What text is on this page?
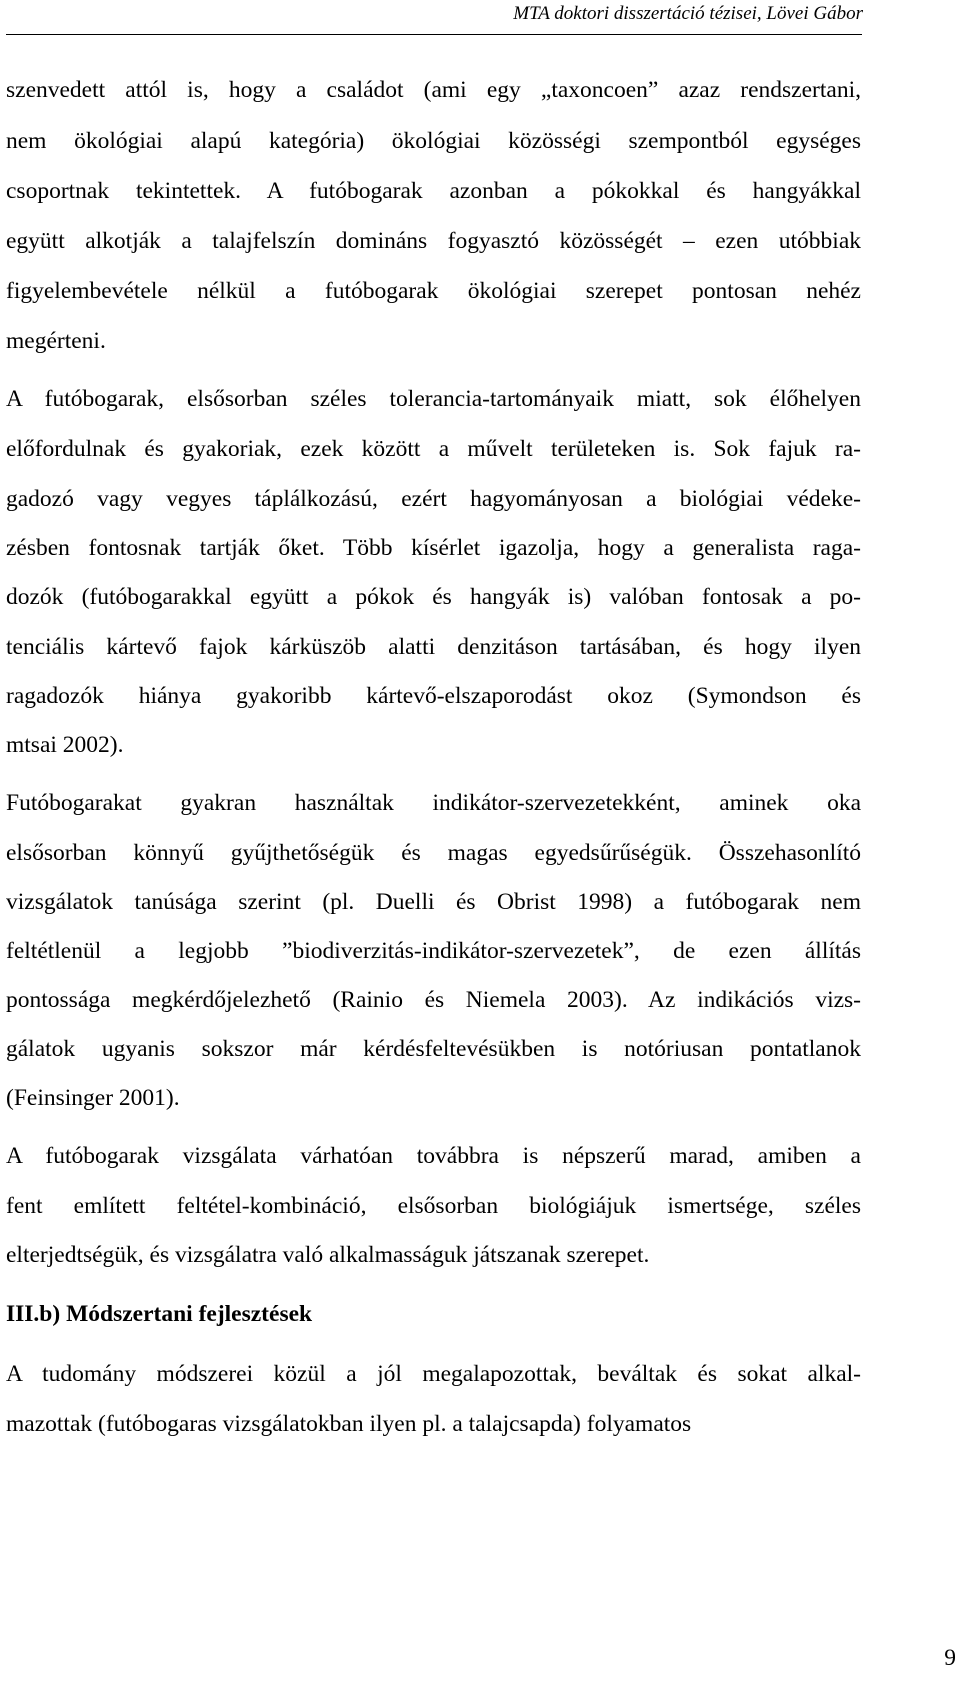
MTA doktori disszertáció tézisei, Lövei Gábor
szenvedett attól is, hogy a családot (ami egy „taxoncoen” azaz rendszertani,
nem ökológiai alapú kategória) ökológiai közösségi szempontból egységes
csoportnak tekintettek. A futóbogarak azonban a pókokkal és hangyákkal
együtt alkotják a talajfelszín domináns fogyasztó közösségét – ezen utóbbiak
figyelembevétele nélkül a futóbogarak ökológiai szerepet pontosan nehéz
megérteni.
A futóbogarak, elsősorban széles tolerancia-tartományaik miatt, sok élőhelyen
előfordulnak és gyakoriak, ezek között a művelt területeken is. Sok fajuk ra-
gadozó vagy vegyes táplálkozású, ezért hagyományosan a biológiai védeke-
zésben fontosnak tartják őket. Több kísérlet igazolja, hogy a generalista raga-
dozók (futóbogarakkal együtt a pókok és hangyák is) valóban fontosak a po-
tenciális kártevő fajok kárküszöb alatti denzitáson tartásában, és hogy ilyen
ragadozók hiánya gyakoribb kártevő-elszaporodást okoz (Symondson és
mtsai 2002).
Futóbogarakat gyakran használtak indikátor-szervezetekként, aminek oka
elsősorban könnyű gyűjthetőségük és magas egyedsűrűségük. Összehasonlító
vizsgálatok tanúsága szerint (pl. Duelli és Obrist 1998) a futóbogarak nem
feltétlenül a legjobb ”biodiverzitás-indikátor-szervezetek”, de ezen állítás
pontossága megkérdőjelezhető (Rainio és Niemela 2003). Az indikációs vizs-
gálatok ugyanis sokszor már kérdésfeltevésükben is notóriusan pontatlanok
(Feinsinger 2001).
A futóbogarak vizsgálata várhatóan továbbra is népszerű marad, amiben a
fent említett feltétel-kombináció, elsősorban biológiájuk ismertsége, széles
elterjedtségük, és vizsgálatra való alkalmasságuk játszanak szerepet.
III.b) Módszertani fejlesztések
A tudomány módszerei közül a jól megalapozottak, beváltak és sokat alkal-
mazottak (futóbogaras vizsgálatokban ilyen pl. a talajcsapda) folyamatos
9
